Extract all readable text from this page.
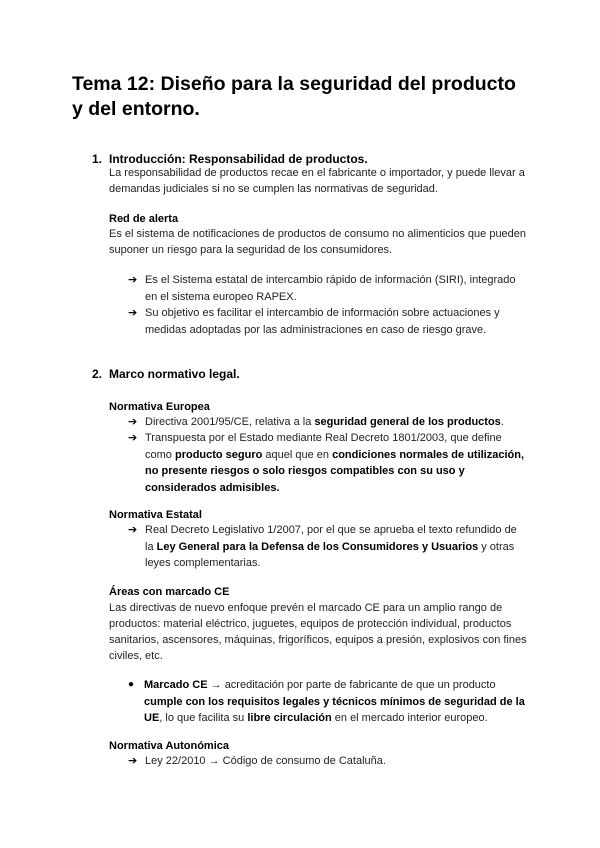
Tema 12: Diseño para la seguridad del producto y del entorno.
1. Introducción: Responsabilidad de productos.

La responsabilidad de productos recae en el fabricante o importador, y puede llevar a demandas judiciales si no se cumplen las normativas de seguridad.

Red de alerta

Es el sistema de notificaciones de productos de consumo no alimenticios que pueden suponer un riesgo para la seguridad de los consumidores.

➔ Es el Sistema estatal de intercambio rápido de información (SIRI), integrado en el sistema europeo RAPEX.
➔ Su objetivo es facilitar el intercambio de información sobre actuaciones y medidas adoptadas por las administraciones en caso de riesgo grave.
2. Marco normativo legal.
Normativa Europea
➔ Directiva 2001/95/CE, relativa a la seguridad general de los productos.
➔ Transpuesta por el Estado mediante Real Decreto 1801/2003, que define como producto seguro aquel que en condiciones normales de utilización, no presente riesgos o solo riesgos compatibles con su uso y considerados admisibles.
Normativa Estatal
➔ Real Decreto Legislativo 1/2007, por el que se aprueba el texto refundido de la Ley General para la Defensa de los Consumidores y Usuarios y otras leyes complementarias.
Áreas con marcado CE

Las directivas de nuevo enfoque prevén el marcado CE para un amplio rango de productos: material eléctrico, juguetes, equipos de protección individual, productos sanitarios, ascensores, máquinas, frigoríficos, equipos a presión, explosivos con fines civiles, etc.

● Marcado CE → acreditación por parte de fabricante de que un producto cumple con los requisitos legales y técnicos mínimos de seguridad de la UE, lo que facilita su libre circulación en el mercado interior europeo.
Normativa Autonómica
➔ Ley 22/2010 → Código de consumo de Cataluña.
